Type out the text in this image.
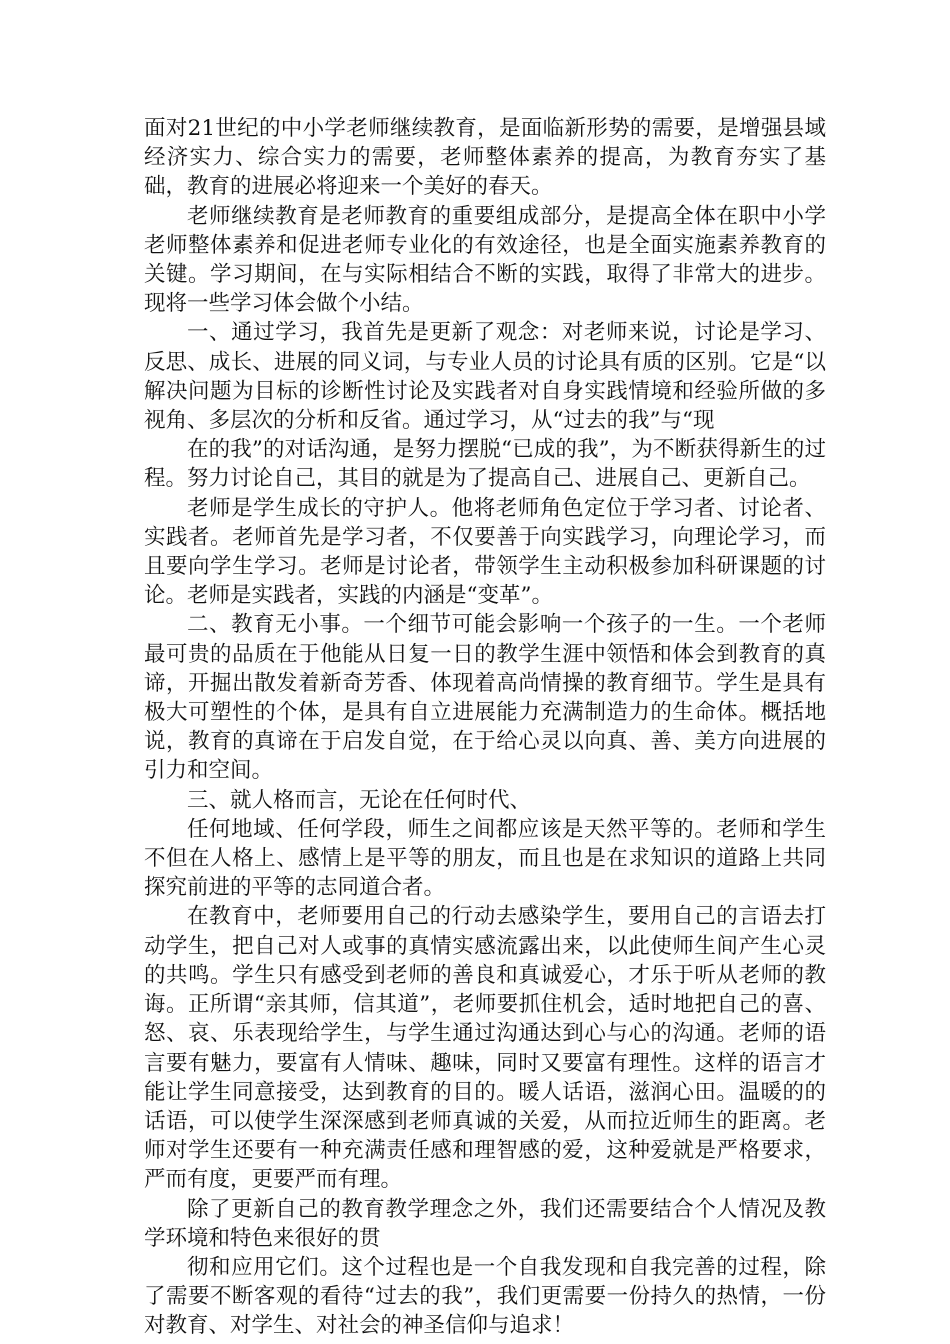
面对21世纪的中小学老师继续教育，是面临新形势的需要，是增强县域经济实力、综合实力的需要，老师整体素养的提高，为教育夯实了基础，教育的进展必将迎来一个美好的春天。

老师继续教育是老师教育的重要组成部分，是提高全体在职中小学老师整体素养和促进老师专业化的有效途径，也是全面实施素养教育的关键。学习期间，在与实际相结合不断的实践，取得了非常大的进步。现将一些学习体会做个小结。

一、通过学习，我首先是更新了观念：对老师来说，讨论是学习、反思、成长、进展的同义词，与专业人员的讨论具有质的区别。它是“以解决问题为目标的诊断性讨论及实践者对自身实践情境和经验所做的多视角、多层次的分析和反省。通过学习，从“过去的我”与“现

在的我”的对话沟通，是努力摆脱“已成的我”，为不断获得新生的过程。努力讨论自己，其目的就是为了提高自己、进展自己、更新自己。

老师是学生成长的守护人。他将老师角色定位于学习者、讨论者、实践者。老师首先是学习者，不仅要善于向实践学习，向理论学习，而且要向学生学习。老师是讨论者，带领学生主动积极参加科研课题的讨论。老师是实践者，实践的内涵是“变革”。

二、教育无小事。一个细节可能会影响一个孩子的一生。一个老师最可贵的品质在于他能从日复一日的教学生涯中领悟和体会到教育的真谛，开掘出散发着新奇芳香、体现着高尚情操的教育细节。学生是具有极大可塑性的个体，是具有自立进展能力充满制造力的生命体。概括地说，教育的真谛在于启发自觉，在于给心灵以向真、善、美方向进展的引力和空间。

三、就人格而言，无论在任何时代、

任何地域、任何学段，师生之间都应该是天然平等的。老师和学生不但在人格上、感情上是平等的朋友，而且也是在求知识的道路上共同探究前进的平等的志同道合者。

在教育中，老师要用自己的行动去感染学生，要用自己的言语去打动学生，把自己对人或事的真情实感流露出来，以此使师生间产生心灵的共鸣。学生只有感受到老师的善良和真诚爱心，才乐于听从老师的教诲。正所谓“亲其师，信其道”，老师要抓住机会，适时地把自己的喜、怒、哀、乐表现给学生，与学生通过沟通达到心与心的沟通。老师的语言要有魅力，要富有人情味、趣味，同时又要富有理性。这样的语言才能让学生同意接受，达到教育的目的。暖人话语，滋润心田。温暖的的话语，可以使学生深深感到老师真诚的关爱，从而拉近师生的距离。老师对学生还要有一种充满责任感和理智感的爱，这种爱就是严格要求，严而有度，更要严而有理。

除了更新自己的教育教学理念之外，我们还需要结合个人情况及教学环境和特色来很好的贯

彻和应用它们。这个过程也是一个自我发现和自我完善的过程，除了需要不断客观的看待“过去的我”，我们更需要一份持久的热情，一份对教育、对学生、对社会的神圣信仰与追求！
